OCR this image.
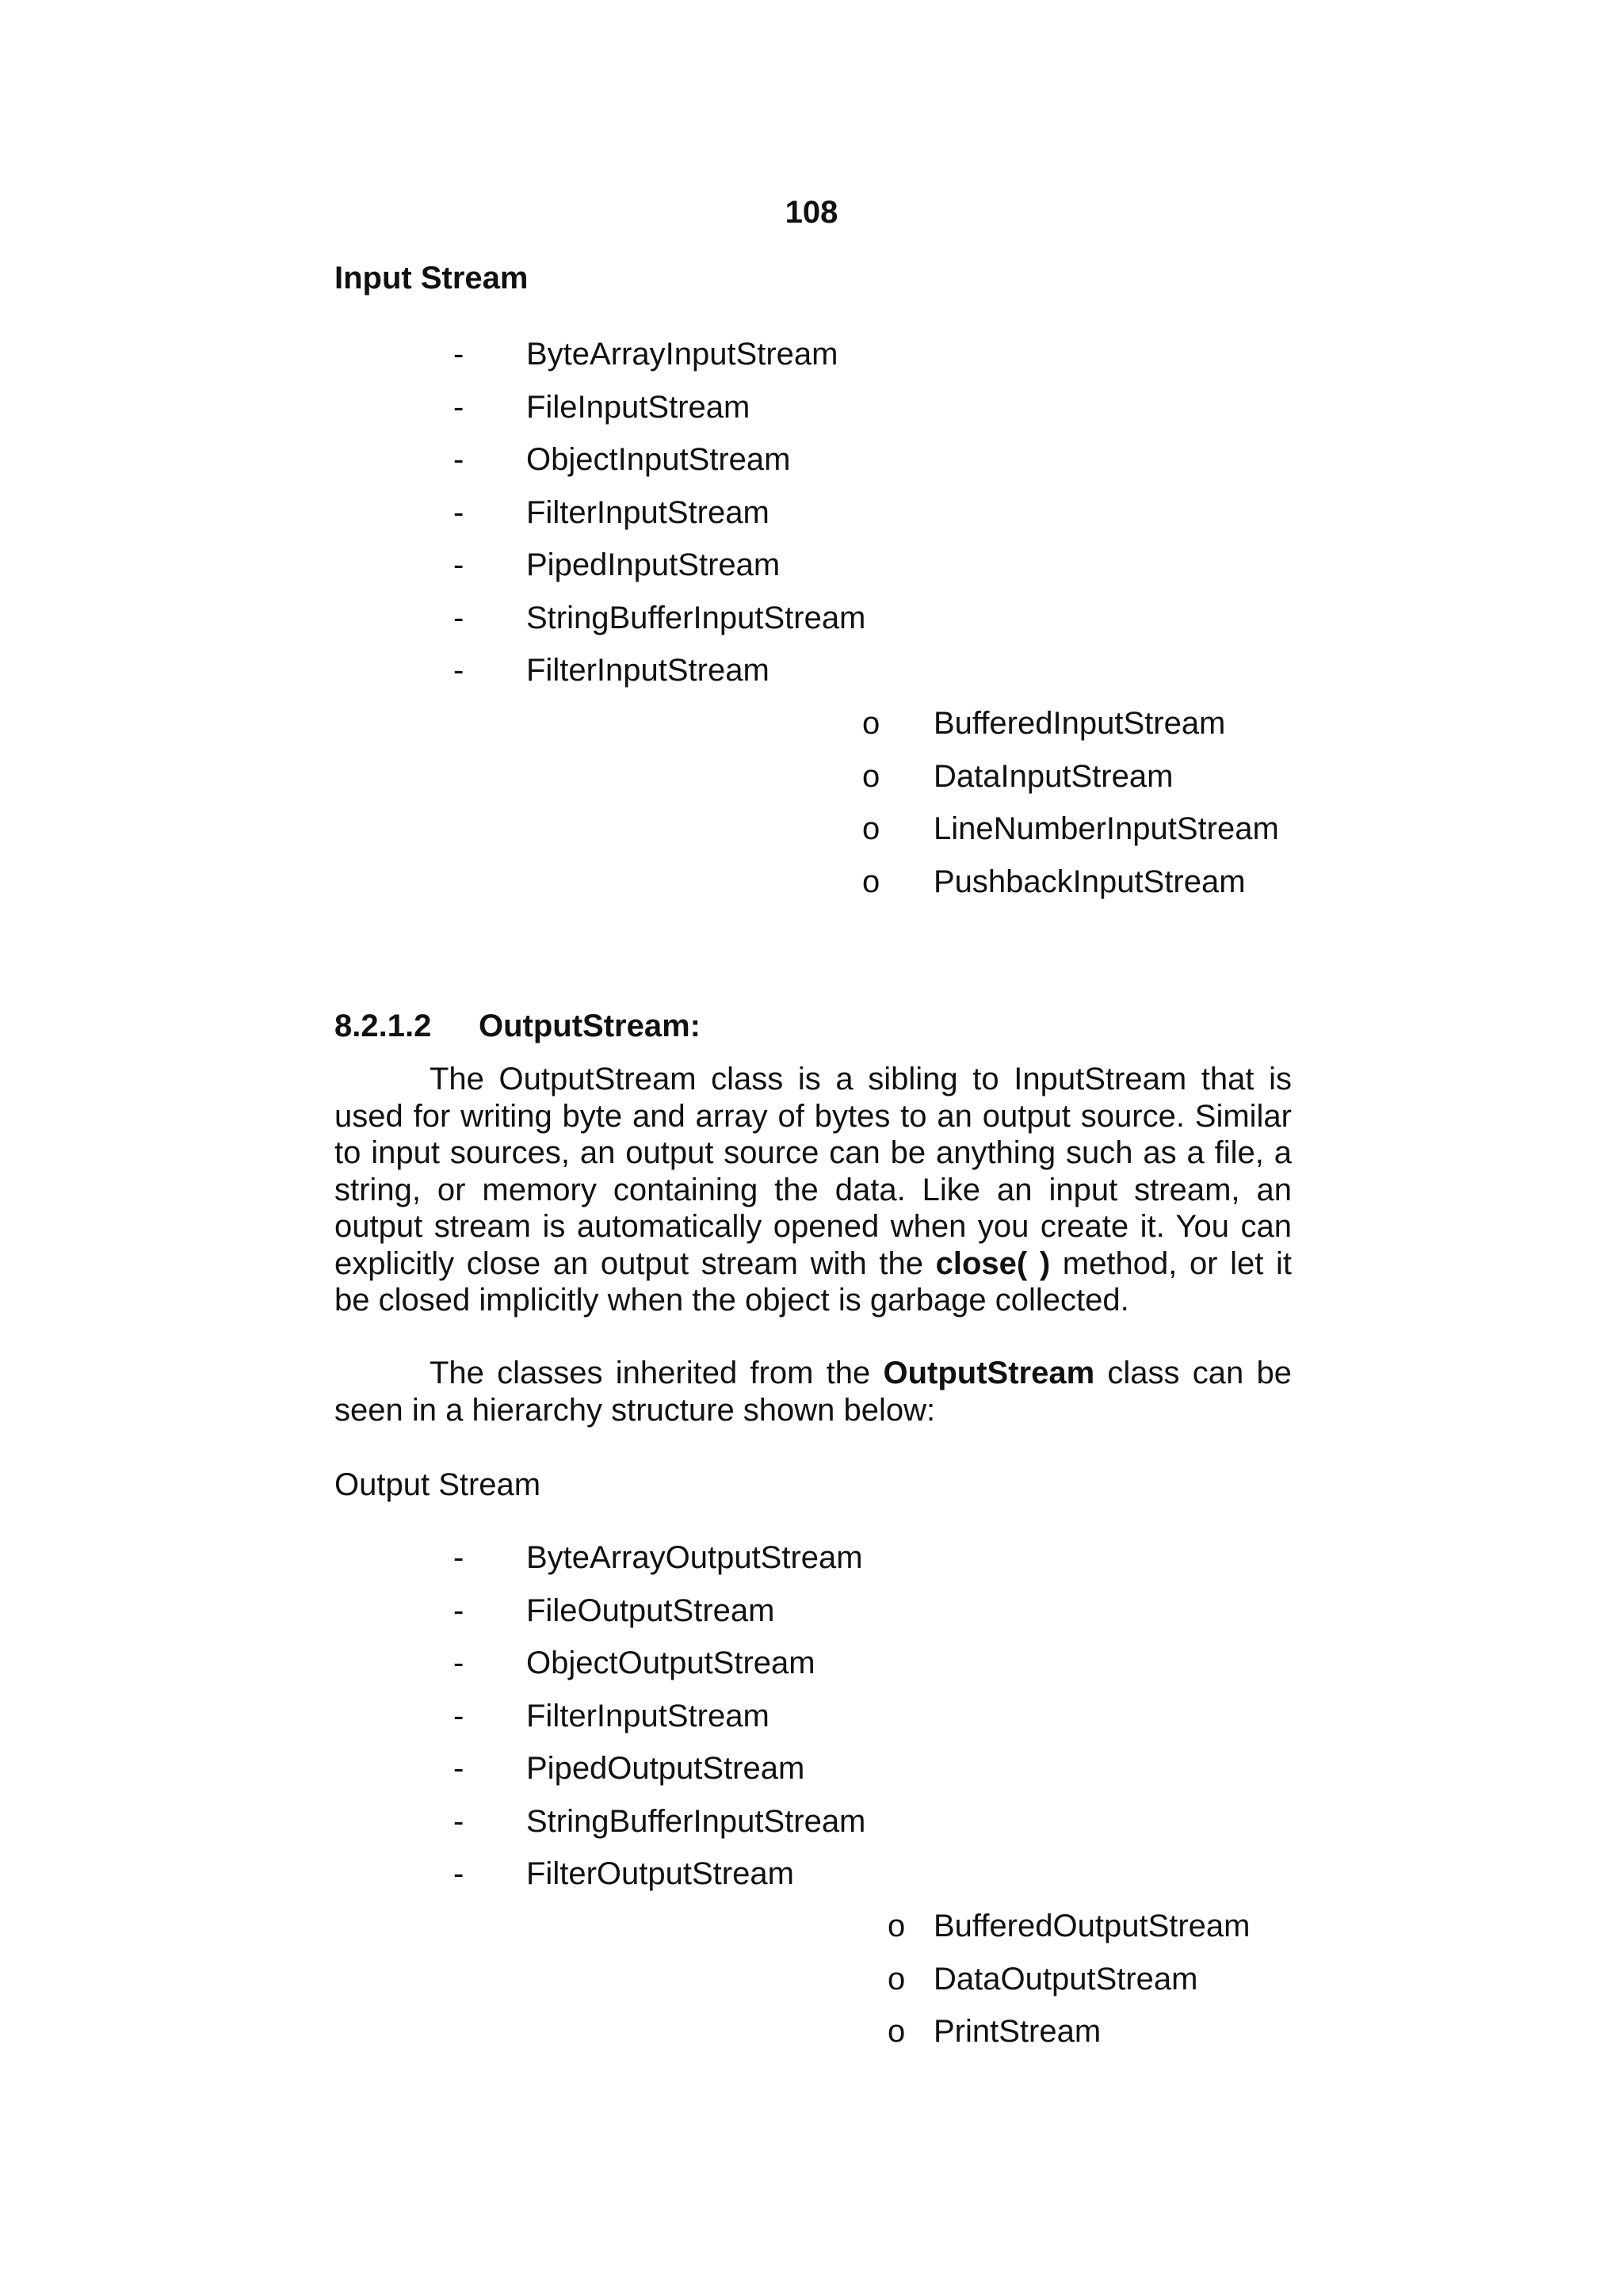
108
Input Stream
- ByteArrayInputStream
- FileInputStream
- ObjectInputStream
- FilterInputStream
- PipedInputStream
- StringBufferInputStream
- FilterInputStream
o BufferedInputStream
o DataInputStream
o LineNumberInputStream
o PushbackInputStream
8.2.1.2 OutputStream:

The OutputStream class is a sibling to InputStream that is used for writing byte and array of bytes to an output source. Similar to input sources, an output source can be anything such as a file, a string, or memory containing the data. Like an input stream, an output stream is automatically opened when you create it. You can explicitly close an output stream with the close( ) method, or let it be closed implicitly when the object is garbage collected.

The classes inherited from the OutputStream class can be seen in a hierarchy structure shown below:

Output Stream
- ByteArrayOutputStream
- FileOutputStream
- ObjectOutputStream
- FilterInputStream
- PipedOutputStream
- StringBufferInputStream
- FilterOutputStream
o BufferedOutputStream
o DataOutputStream
o PrintStream
